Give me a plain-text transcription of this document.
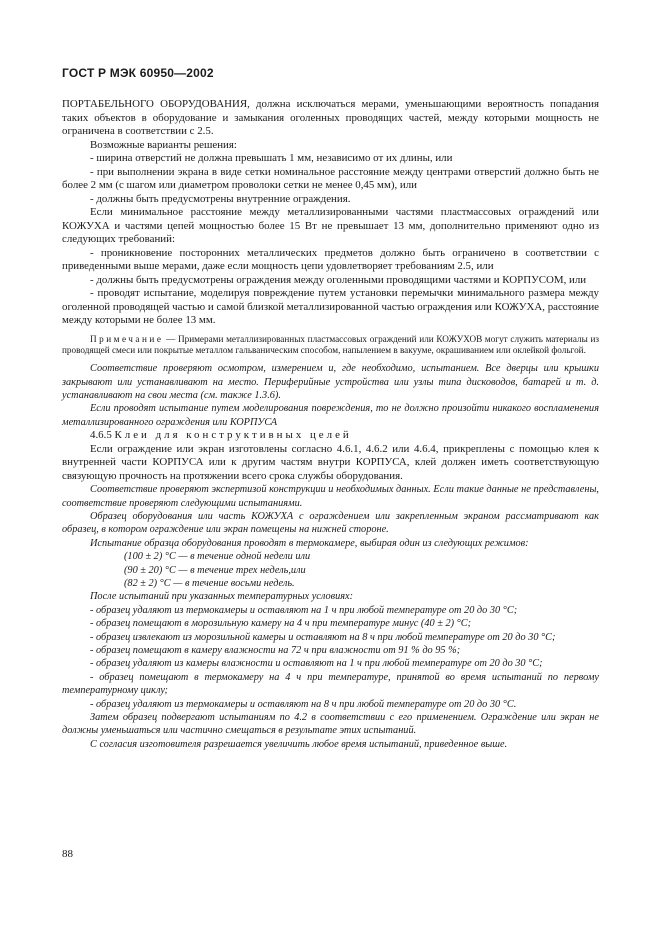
ГОСТ Р МЭК 60950—2002

ПОРТАБЕЛЬНОГО ОБОРУДОВАНИЯ, должна исключаться мерами, уменьшающими вероятность попадания таких объектов в оборудование и замыкания оголенных проводящих частей, между которыми мощность не ограничена в соответствии с 2.5.

Возможные варианты решения:

- ширина отверстий не должна превышать 1 мм, независимо от их длины, или

- при выполнении экрана в виде сетки номинальное расстояние между центрами отверстий должно быть не более 2 мм (с шагом или диаметром проволоки сетки не менее 0,45 мм), или

- должны быть предусмотрены внутренние ограждения.

Если минимальное расстояние между металлизированными частями пластмассовых ограждений или КОЖУХА и частями цепей мощностью более 15 Вт не превышает 13 мм, дополнительно применяют одно из следующих требований:

- проникновение посторонних металлических предметов должно быть ограничено в соответствии с приведенными выше мерами, даже если мощность цепи удовлетворяет требованиям 2.5, или

- должны быть предусмотрены ограждения между оголенными проводящими частями и КОРПУСОМ, или

- проводят испытание, моделируя повреждение путем установки перемычки минимального размера между оголенной проводящей частью и самой близкой металлизированной частью ограждения или КОЖУХА, расстояние между которыми не более 13 мм.

Примечание — Примерами металлизированных пластмассовых ограждений или КОЖУХОВ могут служить материалы из проводящей смеси или покрытые металлом гальваническим способом, напылением в вакууме, окрашиванием или оклейкой фольгой.

Соответствие проверяют осмотром, измерением и, где необходимо, испытанием. Все дверцы или крышки закрывают или устанавливают на место. Периферийные устройства или узлы типа дисководов, батарей и т. д. устанавливают на свои места (см. также 1.3.6).

Если проводят испытание путем моделирования повреждения, то не должно произойти никакого воспламенения металлизированного ограждения или КОРПУСА

4.6.5 Клеи для конструктивных целей

Если ограждение или экран изготовлены согласно 4.6.1, 4.6.2 или 4.6.4, прикреплены с помощью клея к внутренней части КОРПУСА или к другим частям внутри КОРПУСА, клей должен иметь соответствующую связующую прочность на протяжении всего срока службы оборудования.

Соответствие проверяют экспертизой конструкции и необходимых данных. Если такие данные не представлены, соответствие проверяют следующими испытаниями.

Образец оборудования или часть КОЖУХА с ограждением или закрепленным экраном рассматривают как образец, в котором ограждение или экран помещены на нижней стороне.

Испытание образца оборудования проводят в термокамере, выбирая один из следующих режимов:

(100 ± 2) °С — в течение одной недели или

(90 ± 20) °С — в течение трех недель,или

(82 ± 2) °С — в течение восьми недель.

После испытаний при указанных температурных условиях:

- образец удаляют из термокамеры и оставляют на 1 ч при любой температуре от 20 до 30 °С;

- образец помещают в морозильную камеру на 4 ч при температуре минус (40 ± 2) °С;

- образец извлекают из морозильной камеры и оставляют на 8 ч при любой температуре от 20 до 30 °С;

- образец помещают в камеру влажности на 72 ч при влажности от 91 % до 95 %;

- образец удаляют из камеры влажности и оставляют на 1 ч при любой температуре от 20 до 30 °С;

- образец помещают в термокамеру на 4 ч при температуре, принятой во время испытаний по первому температурному циклу;

- образец удаляют из термокамеры и оставляют на 8 ч при любой температуре от 20 до 30 °С.

Затем образец подвергают испытаниям по 4.2 в соответствии с его применением. Ограждение или экран не должны уменьшаться или частично смещаться в результате этих испытаний.

С согласия изготовителя разрешается увеличить любое время испытаний, приведенное выше.

88
